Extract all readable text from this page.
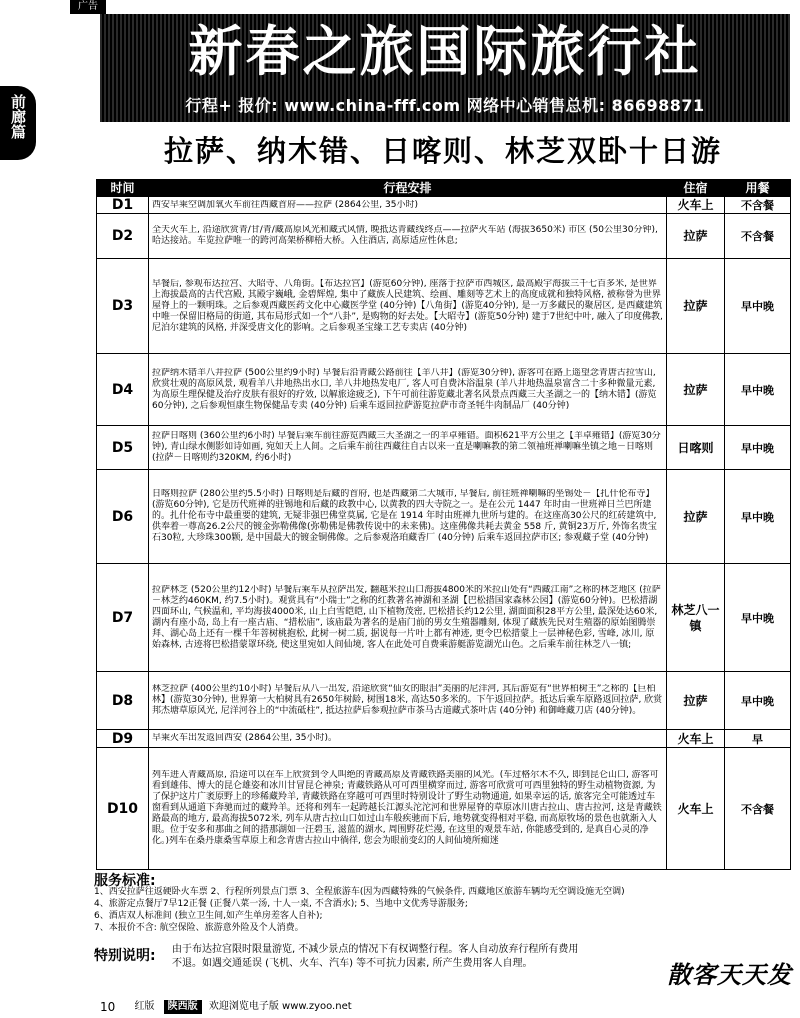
新春之旅国际旅行社
行程+ 报价: www.china-fff.com 网络中心销售总机: 86698871
广告
前廊篇
拉萨、纳木错、日喀则、林芝双卧十日游
时间	行程安排	住宿	用餐
D1	西安早乘空调加氧火车前往西藏首府——拉萨 (2864公里, 35小时)	火车上	不含餐
D2	全天火车上, 沿途欣赏青/甘/青/藏高原风光和藏式风情, 晚抵达青藏线终点——拉萨火车站 (海拔3650米) 市区 (50公里30分钟), 哈达接站。车览拉萨唯一的跨河高架桥柳梧大桥。入住酒店, 高原适应性休息;	拉萨	不含餐
D3	早餐后, 参观布达拉宫、大昭寺、八角街。【布达拉宫】(游览60分钟), 座落于拉萨市西城区, 最高殿宇海拔三千七百多米, 是世界上海拔最高的古代宫殿, 其殿宇巍峨, 金碧辉煌, 集中了藏族人民建筑、绘画、雕刻等艺术上的高度成就和独特风格, 被称誉为世界屋脊上的一颗明珠。之后参观西藏医药文化中心藏医学堂 (40分钟)【八角街】(游览40分钟), 是一万多藏民的聚居区, 是西藏建筑中唯一保留旧格局的街道, 其布局形式如一个“八卦”, 是购物的好去处。【大昭寺】(游览50分钟) 建于7世纪中叶, 融入了印度佛教, 尼泊尔建筑的风格, 并深受唐文化的影响。之后参观圣宝缘工艺专卖店 (40分钟)	拉萨	早中晚
D4	拉萨纳木错羊八井拉萨 (500公里约9小时) 早餐后沿青藏公路前往【羊八井】(游览30分钟), 游客可在路上遥望念青唐古拉雪山, 欣赏壮观的高原风景, 观看羊八井地热出水口, 羊八井地热发电厂, 客人可自费沐浴温泉 (羊八井地热温泉富含二十多种微量元素, 为高原生理保健及治疗皮肤有很好的疗效, 以解旅途疲乏), 下午可前往游览藏北著名风景点西藏三大圣湖之一的【纳木错】(游览60分钟), 之后参观恒康生物保健品专卖 (40分钟) 后乘车返回拉萨游览拉萨市奇圣牦牛肉制品厂 (40分钟)	拉萨	早中晚
D5	拉萨日喀则 (360公里约6小时) 早餐后乘车前往游览西藏三大圣湖之一的羊卓雍错。面积621平方公里之【羊卓雍错】(游览30分钟), 青山绿水侧影如诗如画, 宛如天上人间。之后乘车前往西藏往自古以来一直是喇嘛教的第二领袖班禅喇嘛坐镇之地－日喀则 (拉萨－日喀则约320KM, 约6小时)	日喀则	早中晚
D6	日喀则拉萨 (280公里约5.5小时) 日喀则是后藏的首府, 也是西藏第二大城市, 早餐后, 前往班禅喇嘛的坐锡处－【扎什伦布寺】(游览60分钟), 它是历代班禅的驻锡地和后藏的政教中心, 以黄教的四大寺院之一。是在公元 1447 年时由一世班禅日兰巴所建的。扎什伦布寺中最重要的建筑, 无疑非强巴佛堂莫属, 它是在 1914 年时由班禅九世所与建的。在这座高30公尺的红砖建筑中, 供奉着一尊高26.2公尺的镀金弥勒佛像(弥勒佛是佛教传说中的未来佛)。这座佛像共耗去黄金 558 斤, 黄铜23万斤, 外饰名贵宝石30粒, 大珍珠300颗, 是中国最大的镀金铜佛像。之后参观洛珀藏香厂 (40分钟) 后乘车返回拉萨市区; 参观藏子堂 (40分钟)	拉萨	早中晚
D7	拉萨林芝 (520公里约12小时) 早餐后乘车从拉萨出发, 翻越米拉山口海拔4800米的米拉山处有“西藏江南”之称的林芝地区 (拉萨－林芝约460KM, 约7.5小时)。观赏具有“小瑞士”之称的红教著名神湖和圣湖【巴松措国家森林公园】(游览60分钟)。巴松措湖四面环山, 气候温和, 平均海拔4000米, 山上白雪皑皑, 山下植物茂密, 巴松措长约12公里, 湖面面积28平方公里, 最深处达60米, 湖内有座小岛, 岛上有一座古庙、“措松庙”, 该庙最为著名的是庙门前的男女生殖器雕刻, 体现了藏族先民对生殖器的原始图腾崇拜、湖心岛上还有一棵千年菩树桃抱松, 此树一树二质, 据说每一片叶上都有神迹, 更令巴松措蒙上一层神秘色彩, 雪峰, 冰川, 原始森林, 古迹将巴松措蒙罩环绕, 使这里宛如人间仙境, 客人在此处可自费乘游艇游览湖光山色。之后乘车前往林芝八一镇;	林芝八一镇	早中晚
D8	林芝拉萨 (400公里约10小时) 早餐后从八一出发, 沿途欣赏“仙女的眼泪”美丽的尼洋河, 其后游览有“世界柏树王”之称的【巨柏林】(游览30分钟), 世界第一大柏树具有2650年树龄, 树围18米, 高达50多米的。下午返回拉萨。抵达后乘车原路返回拉萨, 欣赏邦杰塘草原风光, 尼洋河谷上的“中流砥柱”, 抵达拉萨后参观拉萨市茶马古道藏式茶叶店 (40分钟) 和御峰藏刀店 (40分钟)。	拉萨	早中晚
D9	早乘火车出发返回西安 (2864公里, 35小时)。	火车上	早
D10	列车进入青藏高原, 沿途可以在车上欣赏到令人叫绝的青藏高原及青藏铁路美丽的风光。(车过格尔木不久, 即到昆仑山口, 游客可看到雄伟、博大的昆仑雄姿和冰川甘冒昆仑神泉; 青藏铁路从可可西里横穿而过, 游客可欣赏可可西里独特的野生动植物资源, 为了保护这片广袤原野上的珍稀藏羚羊, 青藏铁路在穿越可可西里时特别设计了野生动物通道, 如果幸运的话, 旅客完全可能透过车窗看到从通道下奔驰而过的藏羚羊。还将和列车一起跨越长江源头沱沱河和世界屋脊的草原冰川唐古拉山、唐古拉河, 这是青藏铁路最高的地方, 最高海拔5072米, 列车从唐古拉山口如过山车般疾驰而下后, 地势就变得相对平稳, 而高原牧场的景色也就渐入人眼。位于安多和那曲之间的措那湖如一汪碧玉, 滋蓝的湖水, 周围野花烂漫, 在这里的观景车站, 你能感受到的, 是真自心灵的净化。)列车在桑丹康桑雪草原上和念青唐古拉山中徜徉, 您会为眼前变幻的人间仙境所痴迷	火车上	不含餐
服务标准:
1、西安拉萨往返硬卧火车票 2、行程所列景点门票 3、全程旅游车(因为西藏特殊的气候条件, 西藏地区旅游车辆均无空调设施无空调)
4、旅游定点餐厅7早12正餐 (正餐八菜一汤, 十人一桌, 不含酒水); 5、当地中文优秀导游服务;
6、酒店双人标准间 (独立卫生间,如产生单房差客人自补);
7、本报价不含: 航空保险、旅游意外险及个人消费。
特别说明: 由于布达拉宫限时限量游览, 不减少景点的情况下有权调整行程。客人自动放弃行程所有费用不退。如遇交通延误 (飞机、火车、汽车) 等不可抗力因素, 所产生费用客人自理。	散客天天发
10 红版 陕西版 欢迎浏览电子版 www.zyoo.net
